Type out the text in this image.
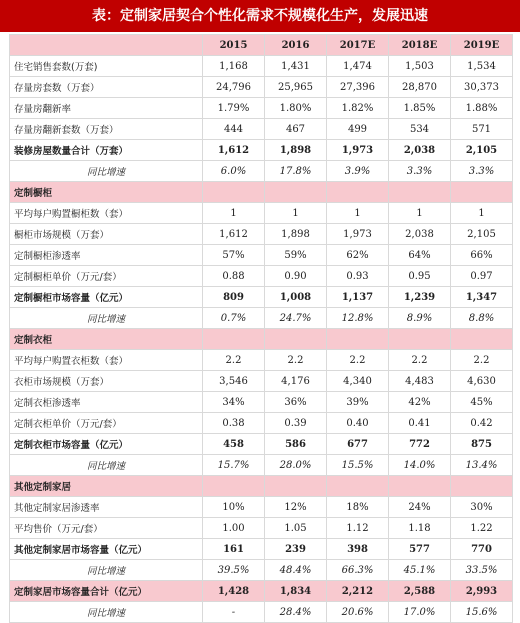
表：定制家居契合个性化需求不规模化生产，发展迅速
	2015	2016	2017E	2018E	2019E
住宅销售套数(万套)	1,168	1,431	1,474	1,503	1,534
存量房套数（万套）	24,796	25,965	27,396	28,870	30,373
存量房翻新率	1.79%	1.80%	1.82%	1.85%	1.88%
存量房翻新套数（万套）	444	467	499	534	571
装修房屋数量合计（万套）	1,612	1,898	1,973	2,038	2,105
同比增速	6.0%	17.8%	3.9%	3.3%	3.3%
定制橱柜					
平均每户购置橱柜数（套）	1	1	1	1	1
橱柜市场规模（万套）	1,612	1,898	1,973	2,038	2,105
定制橱柜渗透率	57%	59%	62%	64%	66%
定制橱柜单价（万元/套）	0.88	0.90	0.93	0.95	0.97
定制橱柜市场容量（亿元）	809	1,008	1,137	1,239	1,347
同比增速	0.7%	24.7%	12.8%	8.9%	8.8%
定制衣柜					
平均每户购置衣柜数（套）	2.2	2.2	2.2	2.2	2.2
衣柜市场规模（万套）	3,546	4,176	4,340	4,483	4,630
定制衣柜渗透率	34%	36%	39%	42%	45%
定制衣柜单价（万元/套）	0.38	0.39	0.40	0.41	0.42
定制衣柜市场容量（亿元）	458	586	677	772	875
同比增速	15.7%	28.0%	15.5%	14.0%	13.4%
其他定制家居					
其他定制家居渗透率	10%	12%	18%	24%	30%
平均售价（万元/套）	1.00	1.05	1.12	1.18	1.22
其他定制家居市场容量（亿元）	161	239	398	577	770
同比增速	39.5%	48.4%	66.3%	45.1%	33.5%
定制家居市场容量合计（亿元）	1,428	1,834	2,212	2,588	2,993
同比增速	-	28.4%	20.6%	17.0%	15.6%
